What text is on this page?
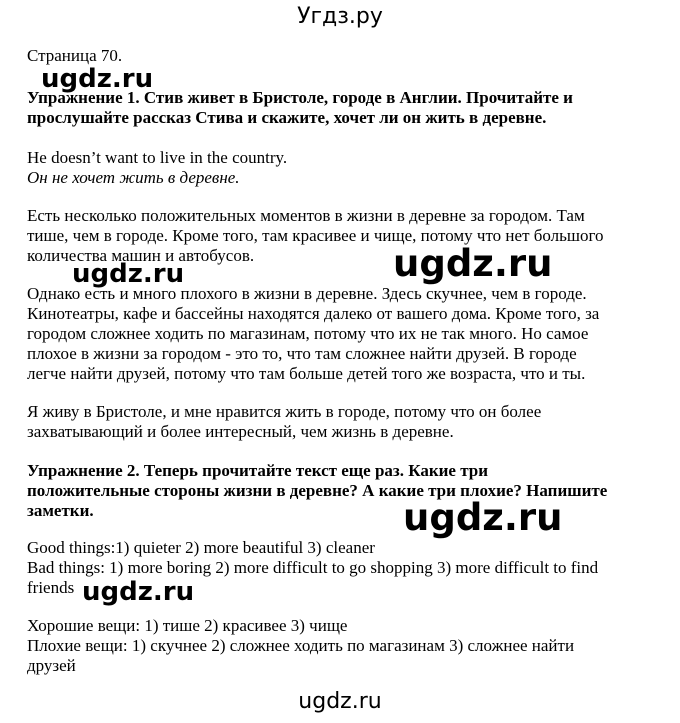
Угдз.ру
Страница 70.
ugdz.ru
Упражнение 1. Стив живет в Бристоле, городе в Англии. Прочитайте и
прослушайте рассказ Стива и скажите, хочет ли он жить в деревне.
He doesn’t want to live in the country.
Он не хочет жить в деревне.
Есть несколько положительных моментов в жизни в деревне за городом. Там
тише, чем в городе. Кроме того, там красивее и чище, потому что нет большого
количества машин и автобусов.
ugdz.ru	ugdz.ru
Однако есть и много плохого в жизни в деревне. Здесь скучнее, чем в городе.
Кинотеатры, кафе и бассейны находятся далеко от вашего дома. Кроме того, за
городом сложнее ходить по магазинам, потому что их не так много. Но самое
плохое в жизни за городом - это то, что там сложнее найти друзей. В городе
легче найти друзей, потому что там больше детей того же возраста, что и ты.
Я живу в Бристоле, и мне нравится жить в городе, потому что он более
захватывающий и более интересный, чем жизнь в деревне.
Упражнение 2. Теперь прочитайте текст еще раз. Какие три
положительные стороны жизни в деревне? А какие три плохие? Напишите
заметки.	ugdz.ru
Good things:1) quieter 2) more beautiful 3) cleaner
Bad things: 1) more boring 2) more difficult to go shopping 3) more difficult to find
friends ugdz.ru
Хорошие вещи: 1) тише 2) красивее 3) чище
Плохие вещи: 1) скучнее 2) сложнее ходить по магазинам 3) сложнее найти
друзей
ugdz.ru
